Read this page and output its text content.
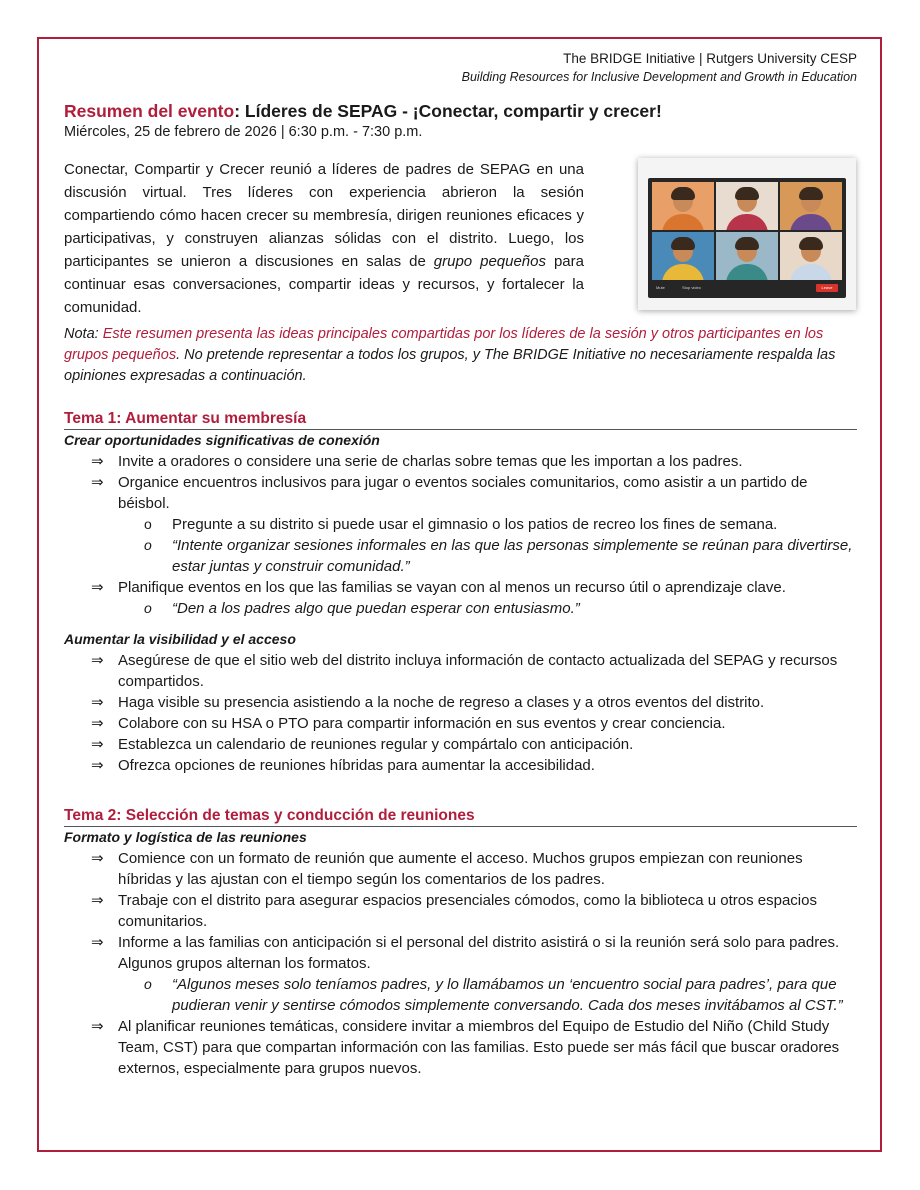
The BRIDGE Initiative | Rutgers University CESP
Building Resources for Inclusive Development and Growth in Education
Resumen del evento: Líderes de SEPAG - ¡Conectar, compartir y crecer!
Miércoles, 25 de febrero de 2026 | 6:30 p.m. - 7:30 p.m.
Conectar, Compartir y Crecer reunió a líderes de padres de SEPAG en una discusión virtual. Tres líderes con experiencia abrieron la sesión compartiendo cómo hacen crecer su membresía, dirigen reuniones eficaces y participativas, y construyen alianzas sólidas con el distrito. Luego, los participantes se unieron a discusiones en salas de grupo pequeños para continuar esas conversaciones, compartir ideas y recursos, y fortalecer la comunidad.
Mute	Stop video	Leave
Nota: Este resumen presenta las ideas principales compartidas por los líderes de la sesión y otros participantes en los grupos pequeños. No pretende representar a todos los grupos, y The BRIDGE Initiative no necesariamente respalda las opiniones expresadas a continuación.
Tema 1: Aumentar su membresía
Crear oportunidades significativas de conexión
⇒ Invite a oradores o considere una serie de charlas sobre temas que les importan a los padres.
⇒ Organice encuentros inclusivos para jugar o eventos sociales comunitarios, como asistir a un partido de béisbol.
o Pregunte a su distrito si puede usar el gimnasio o los patios de recreo los fines de semana.
o “Intente organizar sesiones informales en las que las personas simplemente se reúnan para divertirse, estar juntas y construir comunidad.”
⇒ Planifique eventos en los que las familias se vayan con al menos un recurso útil o aprendizaje clave.
o “Den a los padres algo que puedan esperar con entusiasmo.”
Aumentar la visibilidad y el acceso
⇒ Asegúrese de que el sitio web del distrito incluya información de contacto actualizada del SEPAG y recursos compartidos.
⇒ Haga visible su presencia asistiendo a la noche de regreso a clases y a otros eventos del distrito.
⇒ Colabore con su HSA o PTO para compartir información en sus eventos y crear conciencia.
⇒ Establezca un calendario de reuniones regular y compártalo con anticipación.
⇒ Ofrezca opciones de reuniones híbridas para aumentar la accesibilidad.
Tema 2: Selección de temas y conducción de reuniones
Formato y logística de las reuniones
⇒ Comience con un formato de reunión que aumente el acceso. Muchos grupos empiezan con reuniones híbridas y las ajustan con el tiempo según los comentarios de los padres.
⇒ Trabaje con el distrito para asegurar espacios presenciales cómodos, como la biblioteca u otros espacios comunitarios.
⇒ Informe a las familias con anticipación si el personal del distrito asistirá o si la reunión será solo para padres. Algunos grupos alternan los formatos.
o “Algunos meses solo teníamos padres, y lo llamábamos un ‘encuentro social para padres’, para que pudieran venir y sentirse cómodos simplemente conversando. Cada dos meses invitábamos al CST.”
⇒ Al planificar reuniones temáticas, considere invitar a miembros del Equipo de Estudio del Niño (Child Study Team, CST) para que compartan información con las familias. Esto puede ser más fácil que buscar oradores externos, especialmente para grupos nuevos.
